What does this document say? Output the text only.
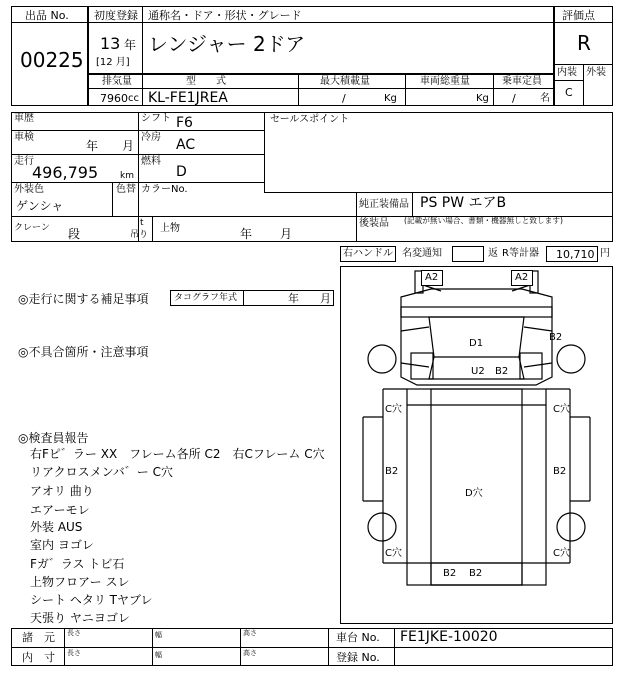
出品 No.
00225
初度登録 通称名・ドア・形状・グレード
13 年
[12 月]
レンジャー 2ドア
評価点
R
内装 外装
C
排気量	型　　式	最大積載量	車両総重量	乗車定員
7960 cc KL-FE1JREA	/	Kg	Kg / 名
車歴	シフト F6
車検
年 月
冷房 AC
走行
496,795 km
燃料
D
外装色
ゲンシャ
色替 カラーNo.
セールスポイント
純正装備品 PS PW エアB
後装品 (記載が無い場合、書類・機器無しと致します)
クレーン 段
t
吊り
上物	年 月
右ハンドル 名変通知	返 R等計器 10,710 円
◎走行に関する補足事項	タコグラフ年式	年 月
◎不具合箇所・注意事項
◎検査員報告
右Fピ゛ラー XX　フレーム各所 C2　右Cフレーム C穴
リアクロスメンバ゛ー C穴
アオリ 曲り
エアーモレ
外装 AUS
室内 ヨゴレ
Fガ゛ラス トビ石
上物フロアー スレ
シート ヘタリ Tヤブレ
天張り ヤニヨゴレ
A2	A2
D1
B2
U2 B2
C穴	C穴
B2	B2
D穴
C穴	C穴
B2 B2
諸　元
内　寸
長さ	幅	高さ
長さ	幅	高さ
車台 No. FE1JKE-10020
登録 No.
